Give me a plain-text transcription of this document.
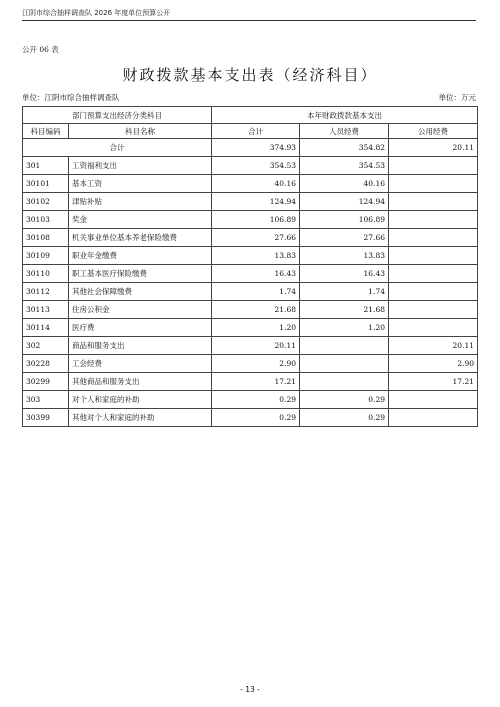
江阴市综合抽样调查队 2026 年度单位预算公开
公开 06 表
财政拨款基本支出表（经济科目）
单位：江阴市综合抽样调查队	单位：万元
部门预算支出经济分类科目		本年财政拨款基本支出		
科目编码	科目名称	合计	人员经费	公用经费
合计		374.93	354.82	20.11
301	工资福利支出	354.53	354.53	
30101	基本工资	40.16	40.16	
30102	津贴补贴	124.94	124.94	
30103	奖金	106.89	106.89	
30108	机关事业单位基本养老保险缴费	27.66	27.66	
30109	职业年金缴费	13.83	13.83	
30110	职工基本医疗保险缴费	16.43	16.43	
30112	其他社会保障缴费	1.74	1.74	
30113	住房公积金	21.68	21.68	
30114	医疗费	1.20	1.20	
302	商品和服务支出	20.11		20.11
30228	工会经费	2.90		2.90
30299	其他商品和服务支出	17.21		17.21
303	对个人和家庭的补助	0.29	0.29	
30399	其他对个人和家庭的补助	0.29	0.29	
- 13 -
